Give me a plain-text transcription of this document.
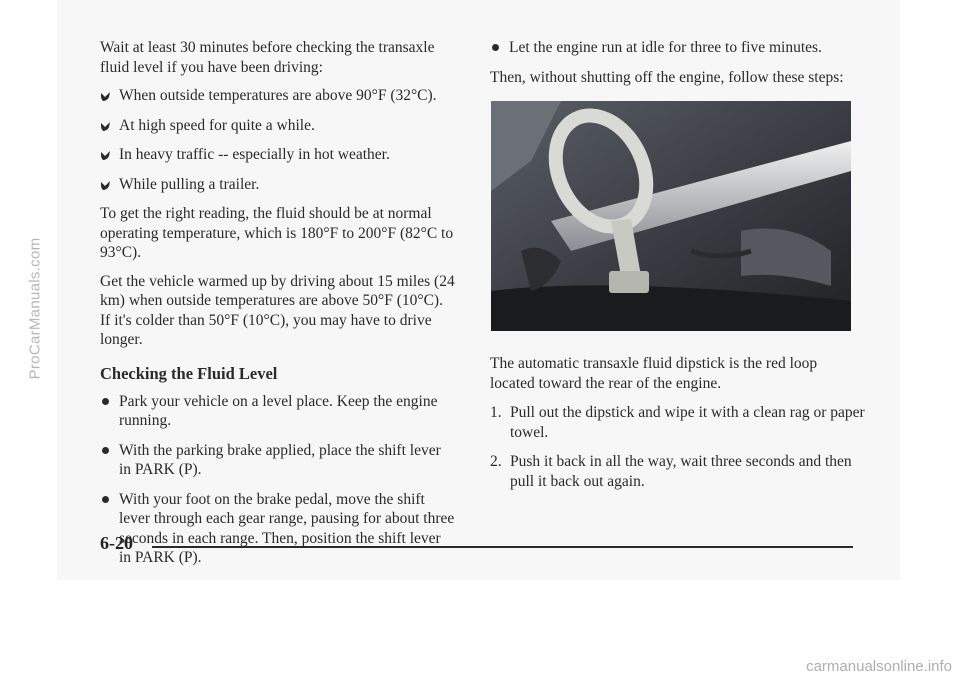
Wait at least 30 minutes before checking the transaxle fluid level if you have been driving:

When outside temperatures are above 90°F (32°C).
At high speed for quite a while.
In heavy traffic -- especially in hot weather.
While pulling a trailer.

To get the right reading, the fluid should be at normal operating temperature, which is 180°F to 200°F (82°C to 93°C).

Get the vehicle warmed up by driving about 15 miles (24 km) when outside temperatures are above 50°F (10°C). If it's colder than 50°F (10°C), you may have to drive longer.

Checking the Fluid Level
Park your vehicle on a level place. Keep the engine running.
With the parking brake applied, place the shift lever in PARK (P).
With your foot on the brake pedal, move the shift lever through each gear range, pausing for about three seconds in each range. Then, position the shift lever in PARK (P).
Let the engine run at idle for three to five minutes.

Then, without shutting off the engine, follow these steps:

The automatic transaxle fluid dipstick is the red loop located toward the rear of the engine.

1. Pull out the dipstick and wipe it with a clean rag or paper towel.
2. Push it back in all the way, wait three seconds and then pull it back out again.
6-20
ProCarManuals.com
carmanualsonline.info
